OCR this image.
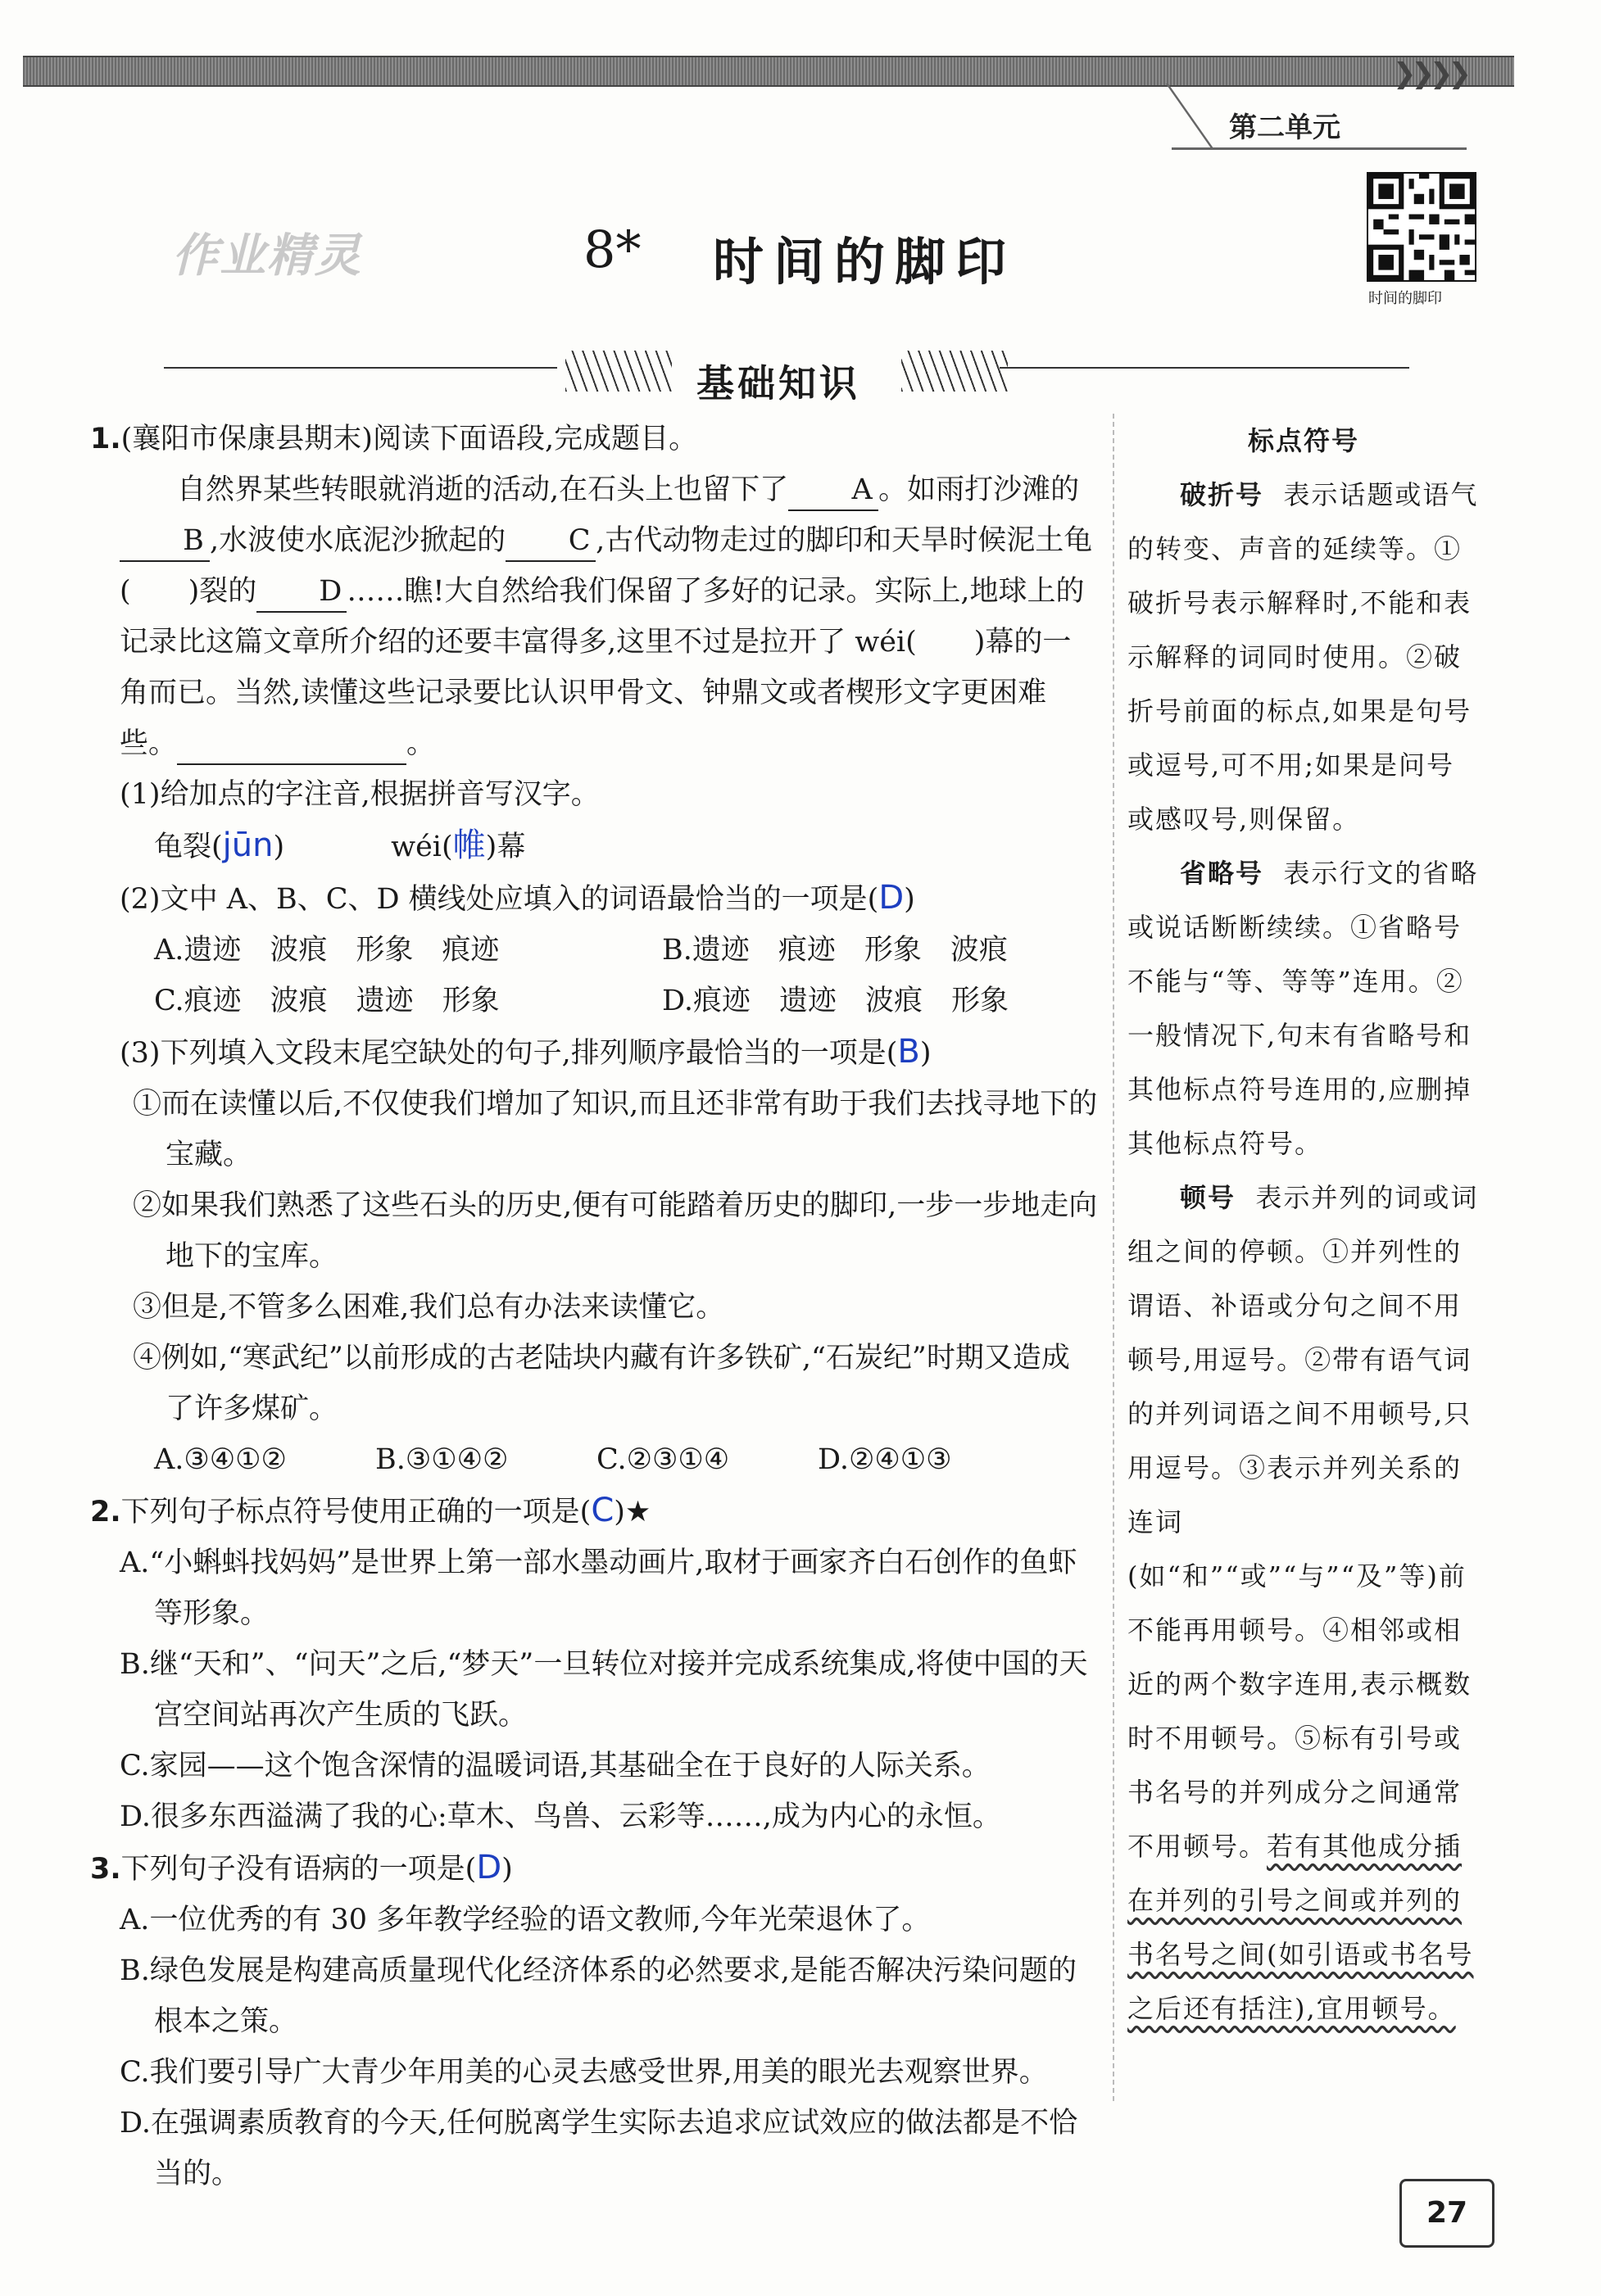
❯❯❯❯
第二单元
作业精灵	8* 时间的脚印
时间的脚印
基础知识

1.(襄阳市保康县期末)阅读下面语段,完成题目。

自然界某些转眼就消逝的活动,在石头上也留下了 A 。如雨打沙滩的B ,水波使水底泥沙掀起的 C ,古代动物走过的脚印和天旱时候泥土龟( )裂的 D ……瞧!大自然给我们保留了多好的记录。实际上,地球上的记录比这篇文章所介绍的还要丰富得多,这里不过是拉开了 wéi( )幕的一角而已。当然,读懂这些记录要比认识甲骨文、钟鼎文或者楔形文字更困难些。	。

(1)给加点的字注音,根据拼音写汉字。

龟裂(jūn)	wéi(帷)幕

(2)文中 A、B、C、D 横线处应填入的词语最恰当的一项是(D)

A.遗迹　波痕　形象　痕迹	B.遗迹　痕迹　形象　波痕

C.痕迹　波痕　遗迹　形象	D.痕迹　遗迹　波痕　形象

(3)下列填入文段末尾空缺处的句子,排列顺序最恰当的一项是(B)

①而在读懂以后,不仅使我们增加了知识,而且还非常有助于我们去找寻地下的宝藏。

②如果我们熟悉了这些石头的历史,便有可能踏着历史的脚印,一步一步地走向地下的宝库。

③但是,不管多么困难,我们总有办法来读懂它。

④例如,“寒武纪”以前形成的古老陆块内藏有许多铁矿,“石炭纪”时期又造成了许多煤矿。

A.③④①②	B.③①④②	C.②③①④	D.②④①③

2.下列句子标点符号使用正确的一项是(C)★

A.“小蝌蚪找妈妈”是世界上第一部水墨动画片,取材于画家齐白石创作的鱼虾等形象。

B.继“天和”、“问天”之后,“梦天”一旦转位对接并完成系统集成,将使中国的天宫空间站再次产生质的飞跃。

C.家园——这个饱含深情的温暖词语,其基础全在于良好的人际关系。

D.很多东西溢满了我的心:草木、鸟兽、云彩等……,成为内心的永恒。

3.下列句子没有语病的一项是(D)

A.一位优秀的有 30 多年教学经验的语文教师,今年光荣退休了。

B.绿色发展是构建高质量现代化经济体系的必然要求,是能否解决污染问题的根本之策。

C.我们要引导广大青少年用美的心灵去感受世界,用美的眼光去观察世界。

D.在强调素质教育的今天,任何脱离学生实际去追求应试效应的做法都是不恰当的。

标点符号

破折号 表示话题或语气的转变、声音的延续等。①破折号表示解释时,不能和表示解释的词同时使用。②破折号前面的标点,如果是句号或逗号,可不用;如果是问号或感叹号,则保留。

省略号 表示行文的省略或说话断断续续。①省略号不能与“等、等等”连用。②一般情况下,句末有省略号和其他标点符号连用的,应删掉其他标点符号。

顿号 表示并列的词或词组之间的停顿。①并列性的谓语、补语或分句之间不用顿号,用逗号。②带有语气词的并列词语之间不用顿号,只用逗号。③表示并列关系的连词(如“和”“或”“与”“及”等)前不能再用顿号。④相邻或相近的两个数字连用,表示概数时不用顿号。⑤标有引号或书名号的并列成分之间通常不用顿号。若有其他成分插在并列的引号之间或并列的书名号之间(如引语或书名号之后还有括注),宜用顿号。

27
